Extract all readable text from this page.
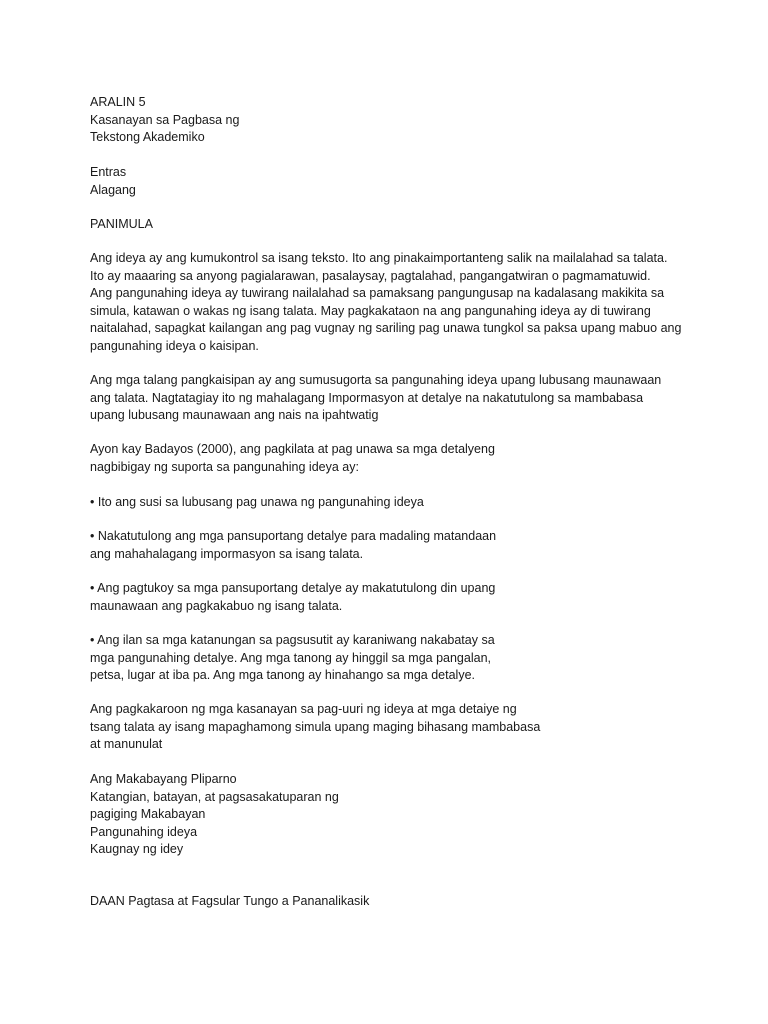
ARALIN 5
Kasanayan sa Pagbasa ng
Tekstong Akademiko
Entras
Alagang
PANIMULA
Ang ideya ay ang kumukontrol sa isang teksto. Ito ang pinakaimportanteng salik na mailalahad sa talata.
Ito ay maaaring sa anyong pagialarawan, pasalaysay, pagtalahad, pangangatwiran o pagmamatuwid.
Ang pangunahing ideya ay tuwirang nailalahad sa pamaksang pangungusap na kadalasang makikita sa
simula, katawan o wakas ng isang talata. May pagkakataon na ang pangunahing ideya ay di tuwirang
naitalahad, sapagkat kailangan ang pag vugnay ng sariling pag unawa tungkol sa paksa upang mabuo ang
pangunahing ideya o kaisipan.
Ang mga talang pangkaisipan ay ang sumusugorta sa pangunahing ideya upang lubusang maunawaan
ang talata. Nagtatagiay ito ng mahalagang Impormasyon at detalye na nakatutulong sa mambabasa
upang lubusang maunawaan ang nais na ipahtwatig
Ayon kay Badayos (2000), ang pagkilata at pag unawa sa mga detalyeng
nagbibigay ng suporta sa pangunahing ideya ay:
• Ito ang susi sa lubusang pag unawa ng pangunahing ideya
• Nakatutulong ang mga pansuportang detalye para madaling matandaan
ang mahahalagang impormasyon sa isang talata.
• Ang pagtukoy sa mga pansuportang detalye ay makatutulong din upang
maunawaan ang pagkakabuo ng isang talata.
• Ang ilan sa mga katanungan sa pagsusutit ay karaniwang nakabatay sa
mga pangunahing detalye. Ang mga tanong ay hinggil sa mga pangalan,
petsa, lugar at iba pa. Ang mga tanong ay hinahango sa mga detalye.
Ang pagkakaroon ng mga kasanayan sa pag-uuri ng ideya at mga detaiye ng
tsang talata ay isang mapaghamong simula upang maging bihasang mambabasa
at manunulat
Ang Makabayang Pliparno
Katangian, batayan, at pagsasakatuparan ng
pagiging Makabayan
Pangunahing ideya
Kaugnay ng idey
DAAN Pagtasa at Fagsular Tungo a Pananalikasik
